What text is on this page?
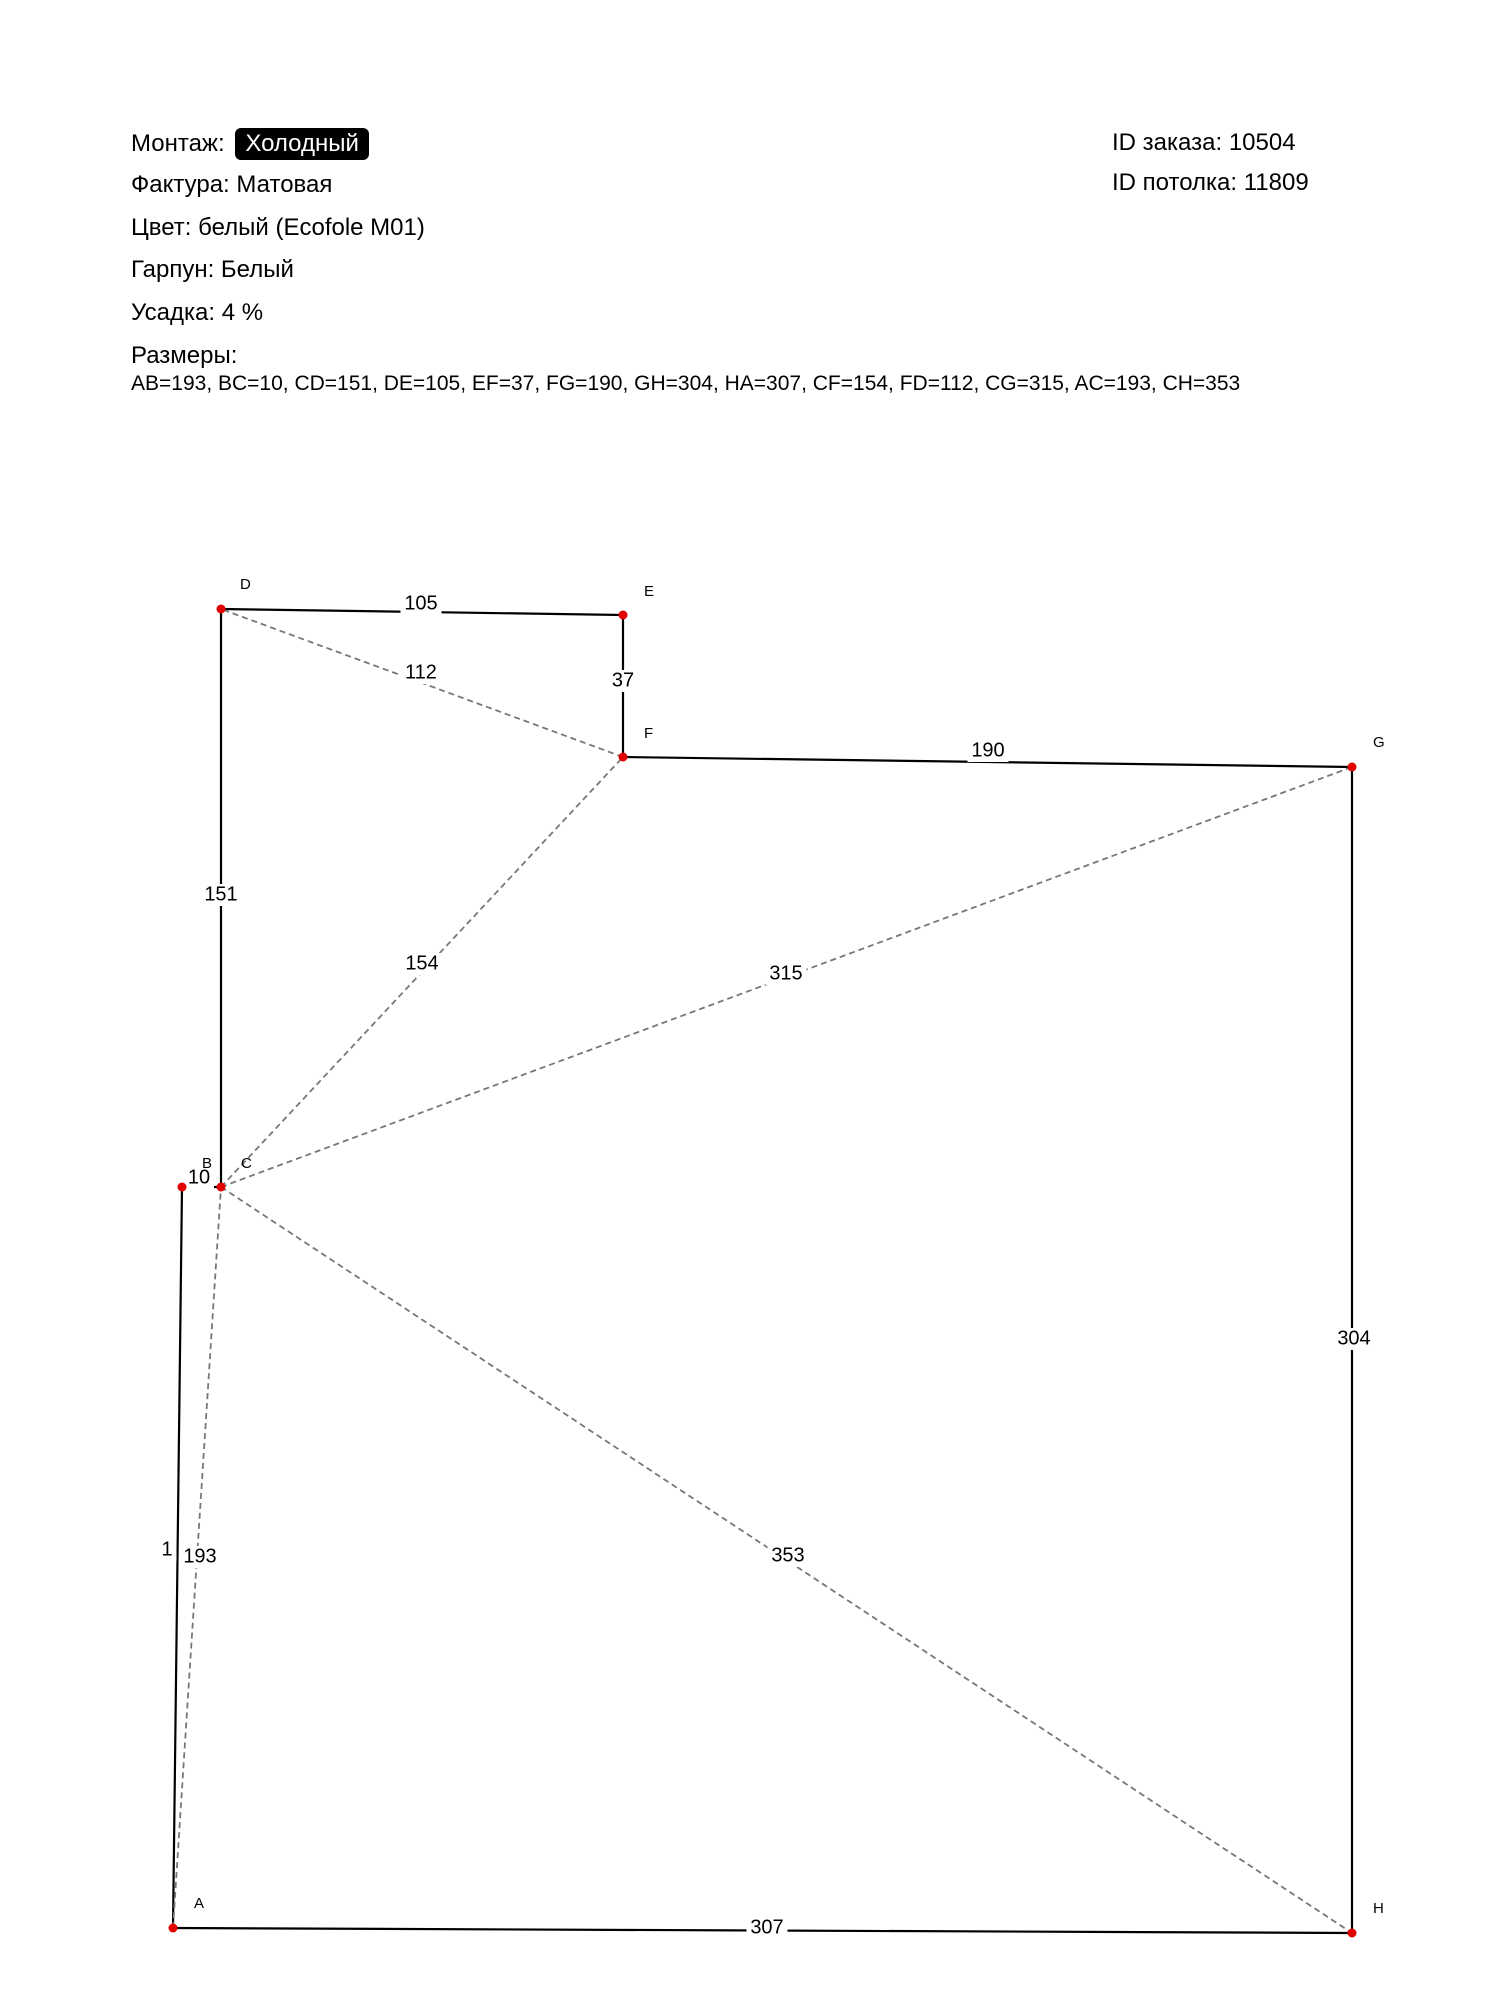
Монтаж: Холодный
Фактура: Матовая
Цвет: белый (Ecofole M01)
Гарпун: Белый
Усадка: 4 %
Размеры:
AB=193, BC=10, CD=151, DE=105, EF=37, FG=190, GH=304, HA=307, CF=154, FD=112, CG=315, AC=193, CH=353
ID заказа: 10504
ID потолка: 11809
1
10
151
105
37
190
304
307
154
112
315
193	353
A
B C
D	E
F
G
H
